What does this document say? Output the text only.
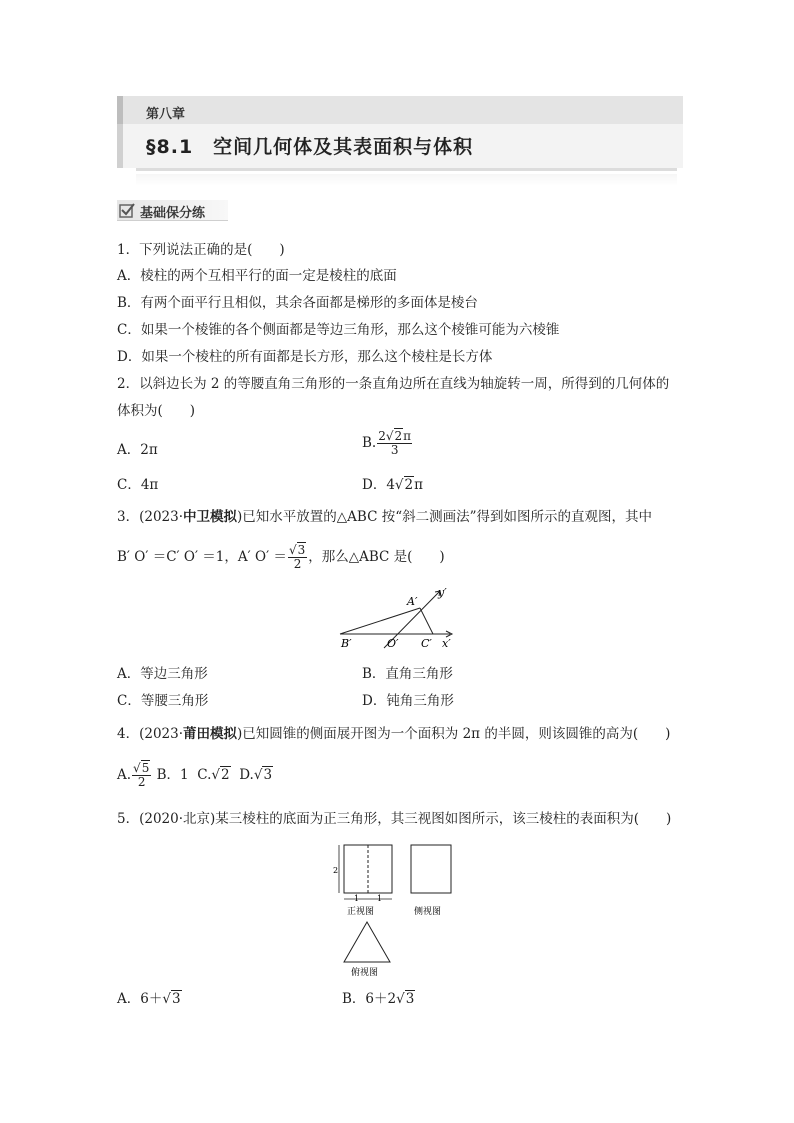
第八章
§8.1　空间几何体及其表面积与体积
基础保分练
1．下列说法正确的是(　　)
A．棱柱的两个互相平行的面一定是棱柱的底面
B．有两个面平行且相似，其余各面都是梯形的多面体是棱台
C．如果一个棱锥的各个侧面都是等边三角形，那么这个棱锥可能为六棱锥
D．如果一个棱柱的所有面都是长方形，那么这个棱柱是长方体
2．以斜边长为 2 的等腰直角三角形的一条直角边所在直线为轴旋转一周，所得到的几何体的
体积为(　　)
A．2π	B. $\frac{2√2\pi}{3}$
C．4π	D．4√2π
3．(2023·中卫模拟)已知水平放置的△ABC 按“斜二测画法”得到如图所示的直观图，其中
B′ O′ ＝C′ O′ ＝1，A′ $O' = \frac{√3}{2}$ ，那么△ABC 是(　　)
A′
y′
B′	O′ C′ x′
A．等边三角形	B．直角三角形
C．等腰三角形	D．钝角三角形
4．(2023·莆田模拟)已知圆锥的侧面展开图为一个面积为 2π 的半圆，则该圆锥的高为(　　)
A. $\frac{√5}{2}$ B．1 C.√2 D.√3
5．(2020·北京)某三棱柱的底面为正三角形，其三视图如图所示，该三棱柱的表面积为(　　)
2
1 1
正视图	侧视图
俯视图
A．6＋√3	B．6＋2√3
